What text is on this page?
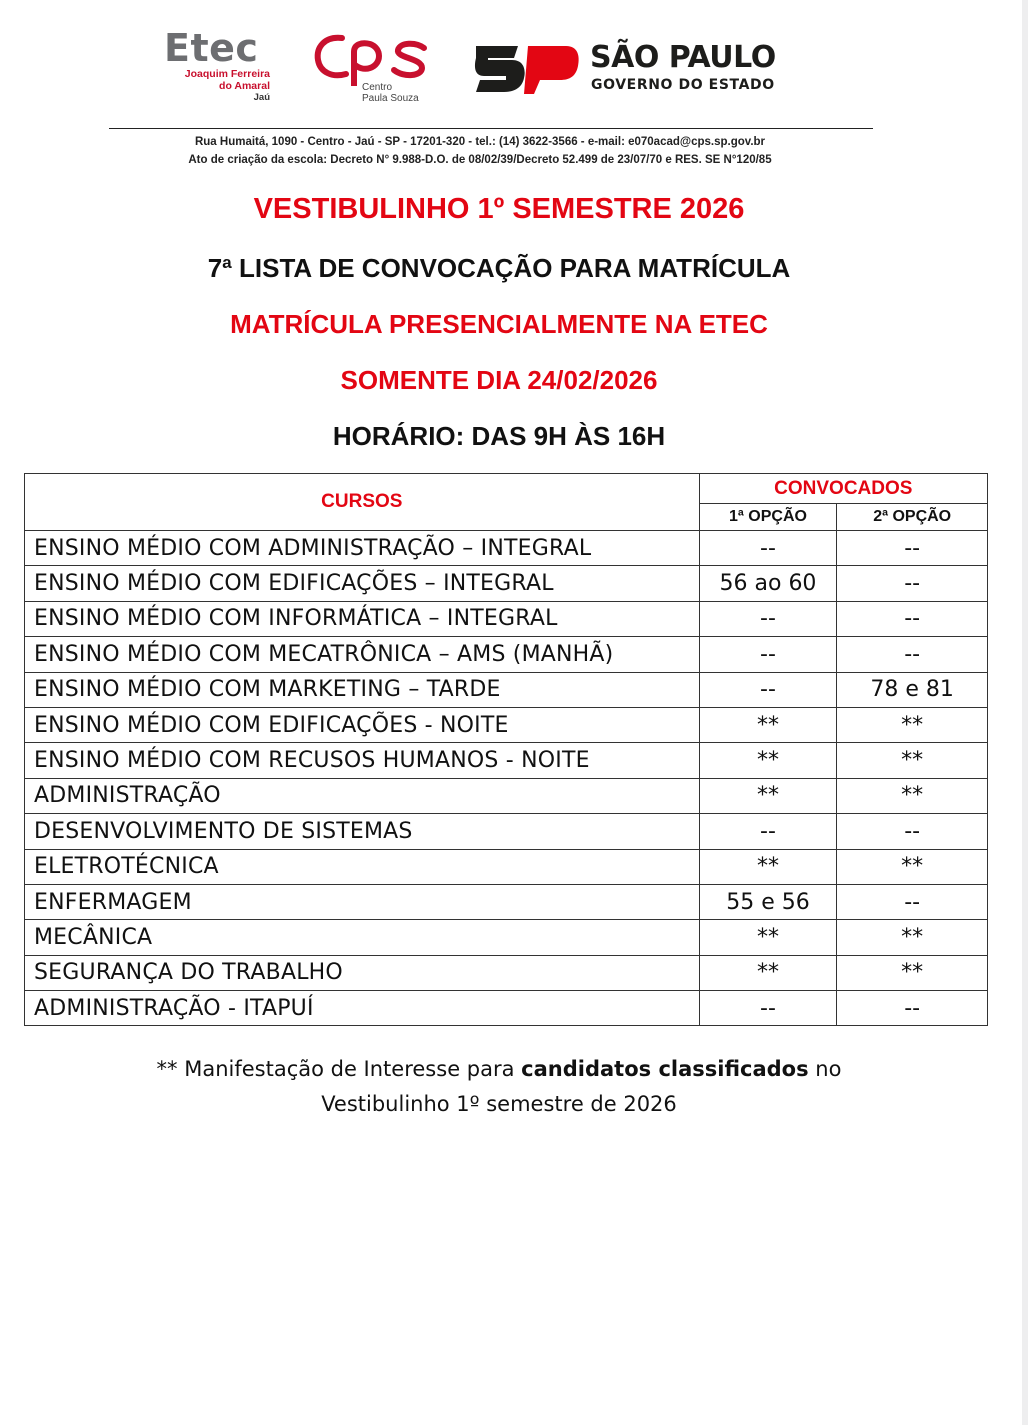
Etec
Joaquim Ferreira
do Amaral
Jaú
Centro
Paula Souza
SÃO PAULO
GOVERNO DO ESTADO
Rua Humaitá, 1090 - Centro - Jaú - SP - 17201-320 - tel.: (14) 3622-3566 - e-mail: e070acad@cps.sp.gov.br
Ato de criação da escola: Decreto N° 9.988-D.O. de 08/02/39/Decreto 52.499 de 23/07/70 e RES. SE N°120/85
VESTIBULINHO 1º SEMESTRE 2026
7ª LISTA DE CONVOCAÇÃO PARA MATRÍCULA
MATRÍCULA PRESENCIALMENTE NA ETEC
SOMENTE DIA 24/02/2026
HORÁRIO: DAS 9H ÀS 16H
CURSOS	CONVOCADOS	
	1ª OPÇÃO	2ª OPÇÃO
ENSINO MÉDIO COM ADMINISTRAÇÃO – INTEGRAL	--	--
ENSINO MÉDIO COM EDIFICAÇÕES – INTEGRAL	56 ao 60	--
ENSINO MÉDIO COM INFORMÁTICA – INTEGRAL	--	--
ENSINO MÉDIO COM MECATRÔNICA – AMS (MANHÃ)	--	--
ENSINO MÉDIO COM MARKETING – TARDE	--	78 e 81
ENSINO MÉDIO COM EDIFICAÇÕES - NOITE	**	**
ENSINO MÉDIO COM RECUSOS HUMANOS - NOITE	**	**
ADMINISTRAÇÃO	**	**
DESENVOLVIMENTO DE SISTEMAS	--	--
ELETROTÉCNICA	**	**
ENFERMAGEM	55 e 56	--
MECÂNICA	**	**
SEGURANÇA DO TRABALHO	**	**
ADMINISTRAÇÃO - ITAPUÍ	--	--
** Manifestação de Interesse para candidatos classificados no
Vestibulinho 1º semestre de 2026
